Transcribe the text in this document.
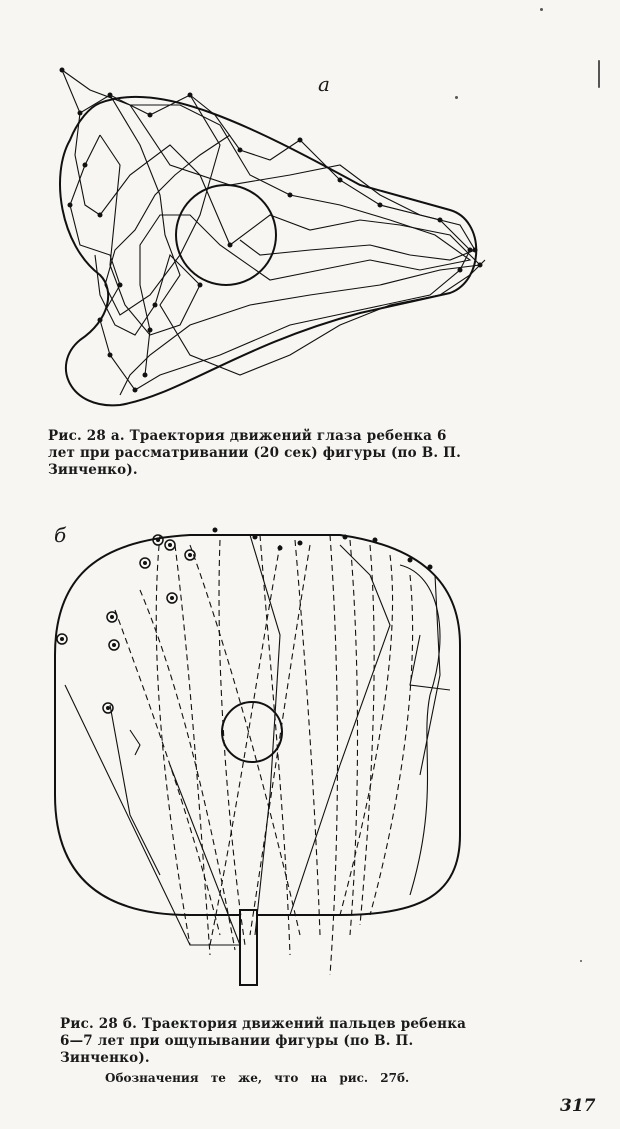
а
Рис. 28 а. Траектория движений глаза ребенка 6 лет при рассматривании (20 сек) фигуры (по В. П. Зинченко).
б
Рис. 28 б. Траектория движений пальцев ребенка 6—7 лет при ощупывании фигуры (по В. П. Зинченко).
Обозначения те же, что на рис. 27б.
317
